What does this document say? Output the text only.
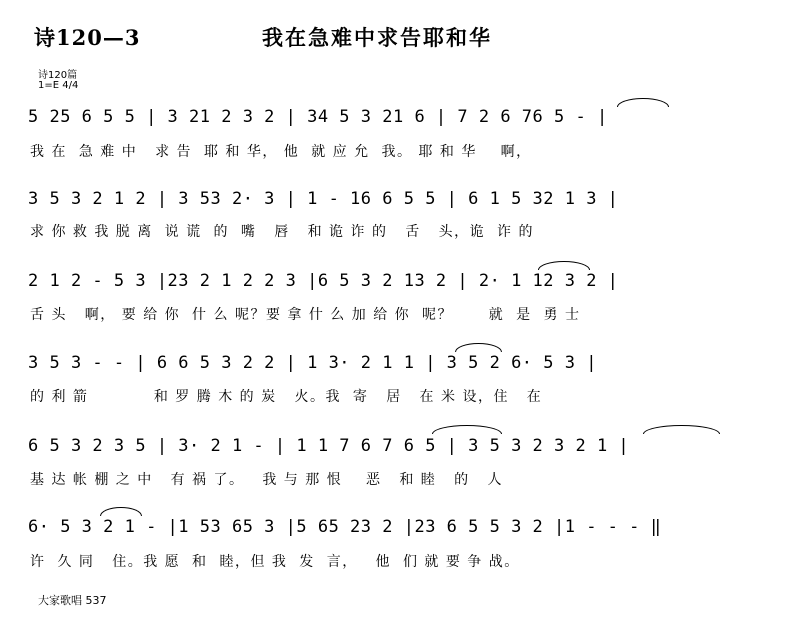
诗120—3	我在急难中求告耶和华
诗120篇
1=E 4/4
5 25 6 5 5 | 3 21 2 3 2 | 34 5 3 21 6 | 7 2 6 76 5 - |
我 在  急 难 中   求 告  耶 和 华， 他  就 应 允  我。 耶 和 华    啊，
3 5 3 2 1 2 | 3 53 2· 3 | 1 - 16 6 5 5 | 6 1 5 32 1 3 |
求 你 救 我 脱 离  说 谎  的  嘴   唇   和 诡 诈 的   舌   头，诡  诈 的
2 1 2 - 5 3 |23 2 1 2 2 3 |6 5 3 2 13 2 | 2· 1 12 3 2 |
舌 头   啊， 要 给 你  什 么 呢？要 拿 什 么 加 给 你  呢？      就  是  勇 士
3 5 3 - - | 6 6 5 3 2 2 | 1 3· 2 1 1 | 3 5 2 6· 5 3 |
的 利 箭           和 罗 腾 木 的 炭   火。我  寄   居   在 米 设，住   在
6 5 3 2 3 5 | 3· 2 1 - | 1 1 7 6 7 6 5 | 3 5 3 2 3 2 1 |
基 达 帐 棚 之 中   有 祸 了。   我 与 那 恨    恶   和 睦   的   人
6· 5 3 2 1 - |1 53 65 3 |5 65 23 2 |23 6 5 5 3 2 |1 - - - ‖
许  久 同   住。我 愿  和  睦，但 我  发  言，   他  们 就 要 争 战。
大家歌唱 537
